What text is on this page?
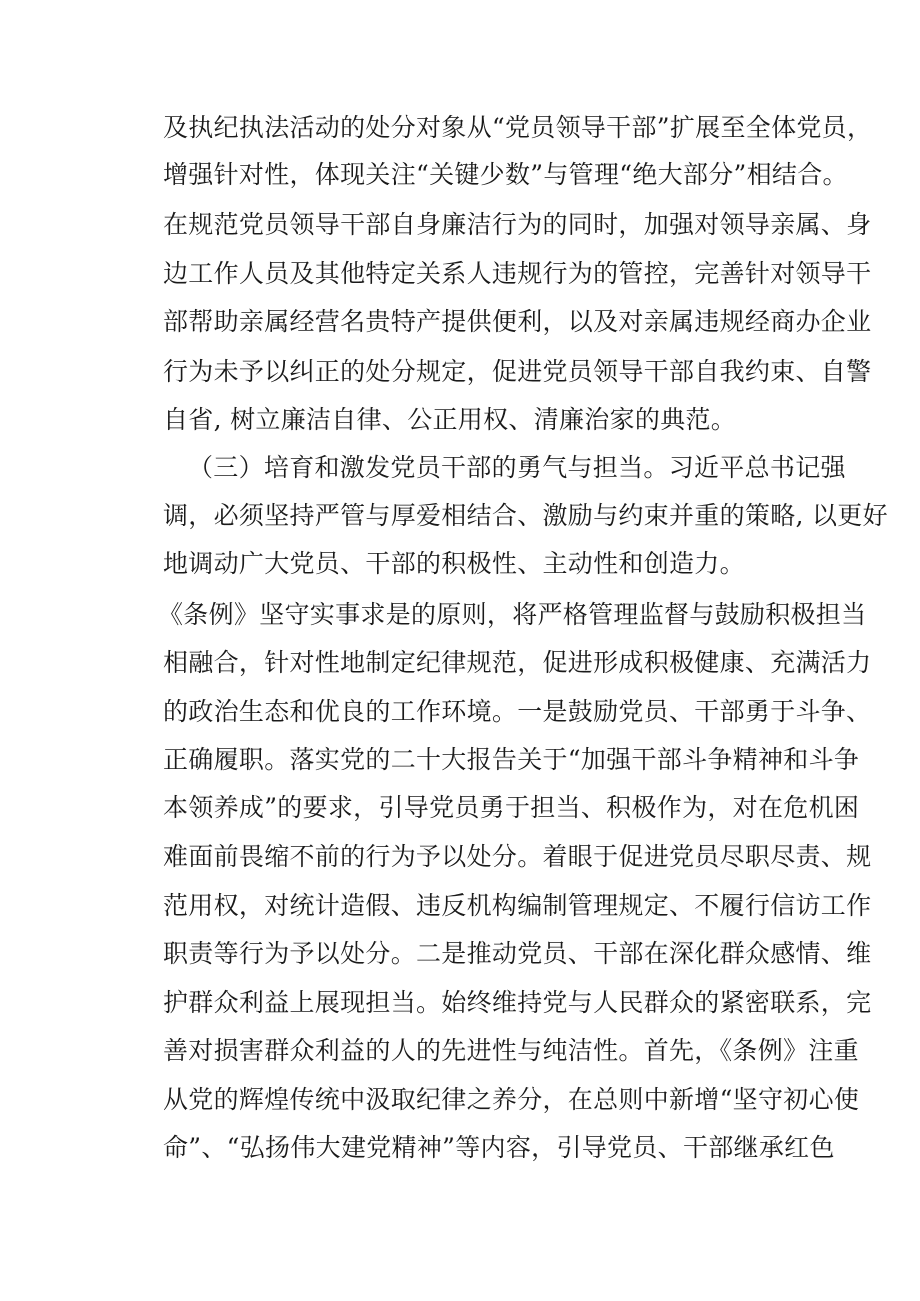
及执纪执法活动的处分对象从“党员领导干部”扩展至全体党员，
增强针对性，体现关注“关键少数”与管理“绝大部分”相结合。
在规范党员领导干部自身廉洁行为的同时，加强对领导亲属、身
边工作人员及其他特定关系人违规行为的管控，完善针对领导干
部帮助亲属经营名贵特产提供便利，以及对亲属违规经商办企业
行为未予以纠正的处分规定，促进党员领导干部自我约束、自警
自省, 树立廉洁自律、公正用权、清廉治家的典范。
（三）培育和激发党员干部的勇气与担当。习近平总书记强
调，必须坚持严管与厚爱相结合、激励与约束并重的策略, 以更好
地调动广大党员、干部的积极性、主动性和创造力。
《条例》坚守实事求是的原则，将严格管理监督与鼓励积极担当
相融合，针对性地制定纪律规范，促进形成积极健康、充满活力
的政治生态和优良的工作环境。一是鼓励党员、干部勇于斗争、
正确履职。落实党的二十大报告关于“加强干部斗争精神和斗争
本领养成”的要求，引导党员勇于担当、积极作为，对在危机困
难面前畏缩不前的行为予以处分。着眼于促进党员尽职尽责、规
范用权，对统计造假、违反机构编制管理规定、不履行信访工作
职责等行为予以处分。二是推动党员、干部在深化群众感情、维
护群众利益上展现担当。始终维持党与人民群众的紧密联系，完
善对损害群众利益的人的先进性与纯洁性。首先，《条例》注重
从党的辉煌传统中汲取纪律之养分，在总则中新增“坚守初心使
命”、“弘扬伟大建党精神”等内容，引导党员、干部继承红色
